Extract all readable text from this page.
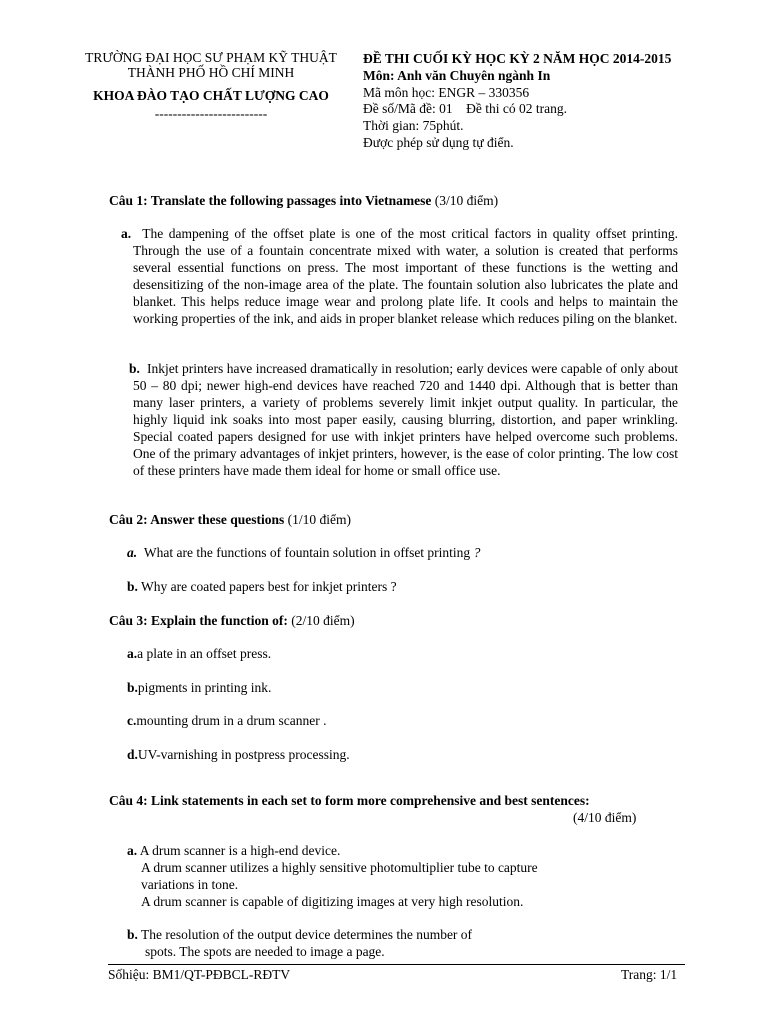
TRƯỜNG ĐẠI HỌC SƯ PHẠM KỸ THUẬT
THÀNH PHỐ HỒ CHÍ MINH
KHOA ĐÀO TẠO CHẤT LƯỢNG CAO
-------------------------
ĐỀ THI CUỐI KỲ HỌC KỲ 2 NĂM HỌC 2014-2015
Môn: Anh văn Chuyên ngành In
Mã môn học: ENGR – 330356
Đề số/Mã đề: 01    Đề thi có 02 trang.
Thời gian: 75phút.
Được phép sử dụng tự điển.
Câu 1: Translate the following passages into Vietnamese (3/10 điểm)
a. The dampening of the offset plate is one of the most critical factors in quality offset printing. Through the use of a fountain concentrate mixed with water, a solution is created that performs several essential functions on press. The most important of these functions is the wetting and desensitizing of the non-image area of the plate. The fountain solution also lubricates the plate and blanket. This helps reduce image wear and prolong plate life. It cools and helps to maintain the working properties of the ink, and aids in proper blanket release which reduces piling on the blanket.
b. Inkjet printers have increased dramatically in resolution; early devices were capable of only about 50 – 80 dpi; newer high-end devices have reached 720 and 1440 dpi. Although that is better than many laser printers, a variety of problems severely limit inkjet output quality. In particular, the highly liquid ink soaks into most paper easily, causing blurring, distortion, and paper wrinkling. Special coated papers designed for use with inkjet printers have helped overcome such problems. One of the primary advantages of inkjet printers, however, is the ease of color printing. The low cost of these printers have made them ideal for home or small office use.
Câu 2: Answer these questions (1/10 điểm)
a. What are the functions of fountain solution in offset printing ?
b. Why are coated papers best for inkjet printers ?
Câu 3: Explain the function of: (2/10 điểm)
a.a plate in an offset press.
b.pigments in printing ink.
c.mounting drum in a drum scanner .
d.UV-varnishing in postpress processing.
Câu 4: Link statements in each set to form more comprehensive and best sentences:
(4/10 điểm)
a. A drum scanner is a high-end device.
A drum scanner utilizes a highly sensitive photomultiplier tube to capture
variations in tone.
A drum scanner is capable of digitizing images at very high resolution.
b. The resolution of the output device determines the number of
spots. The spots are needed to image a page.
Sốhiệu: BM1/QT-PĐBCL-RĐTV	Trang: 1/1
